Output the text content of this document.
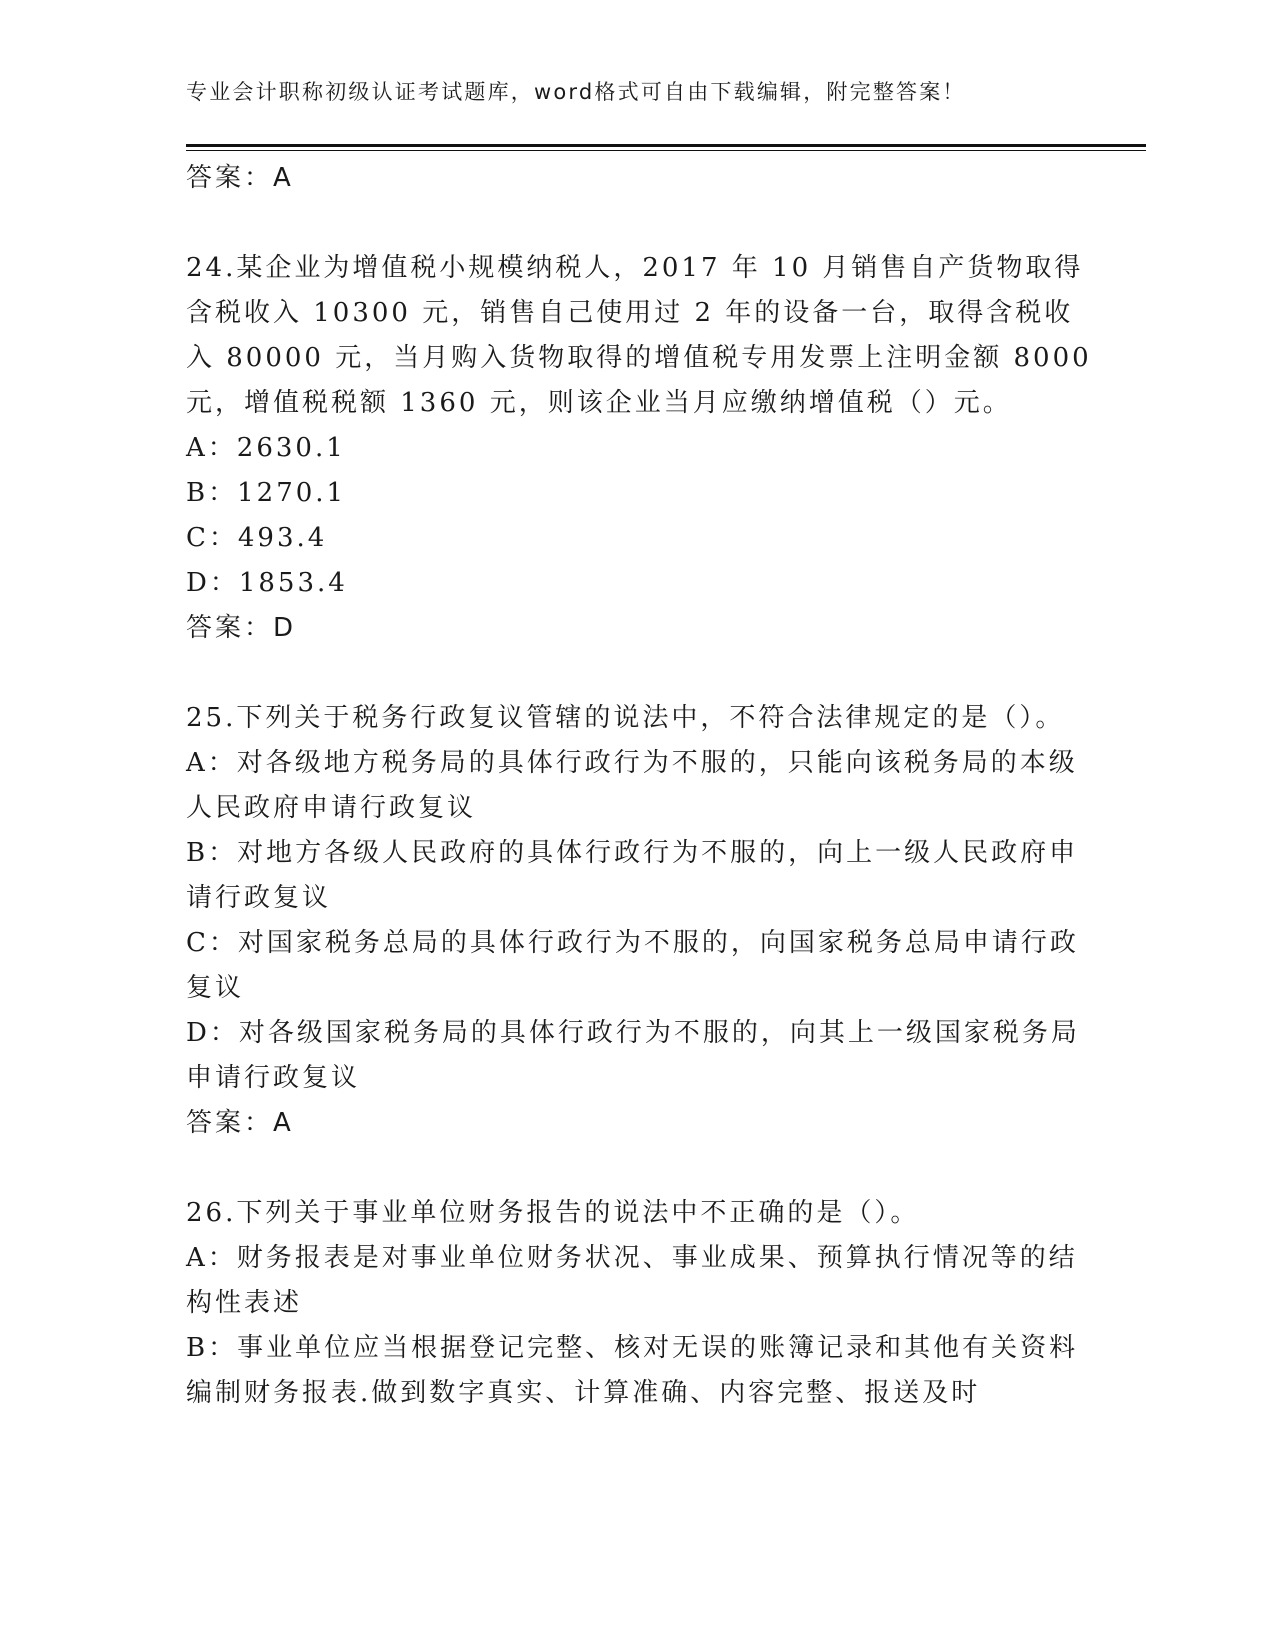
专业会计职称初级认证考试题库，word格式可自由下载编辑，附完整答案！
答案：A
24.某企业为增值税小规模纳税人，2017 年 10 月销售自产货物取得
含税收入 10300 元，销售自己使用过 2 年的设备一台，取得含税收
入 80000 元，当月购入货物取得的增值税专用发票上注明金额 8000
元，增值税税额 1360 元，则该企业当月应缴纳增值税（）元。
A：2630.1
B：1270.1
C：493.4
D：1853.4
答案：D
25.下列关于税务行政复议管辖的说法中，不符合法律规定的是（）。
A：对各级地方税务局的具体行政行为不服的，只能向该税务局的本级
人民政府申请行政复议
B：对地方各级人民政府的具体行政行为不服的，向上一级人民政府申
请行政复议
C：对国家税务总局的具体行政行为不服的，向国家税务总局申请行政
复议
D：对各级国家税务局的具体行政行为不服的，向其上一级国家税务局
申请行政复议
答案：A
26.下列关于事业单位财务报告的说法中不正确的是（）。
A：财务报表是对事业单位财务状况、事业成果、预算执行情况等的结
构性表述
B：事业单位应当根据登记完整、核对无误的账簿记录和其他有关资料
编制财务报表.做到数字真实、计算准确、内容完整、报送及时
